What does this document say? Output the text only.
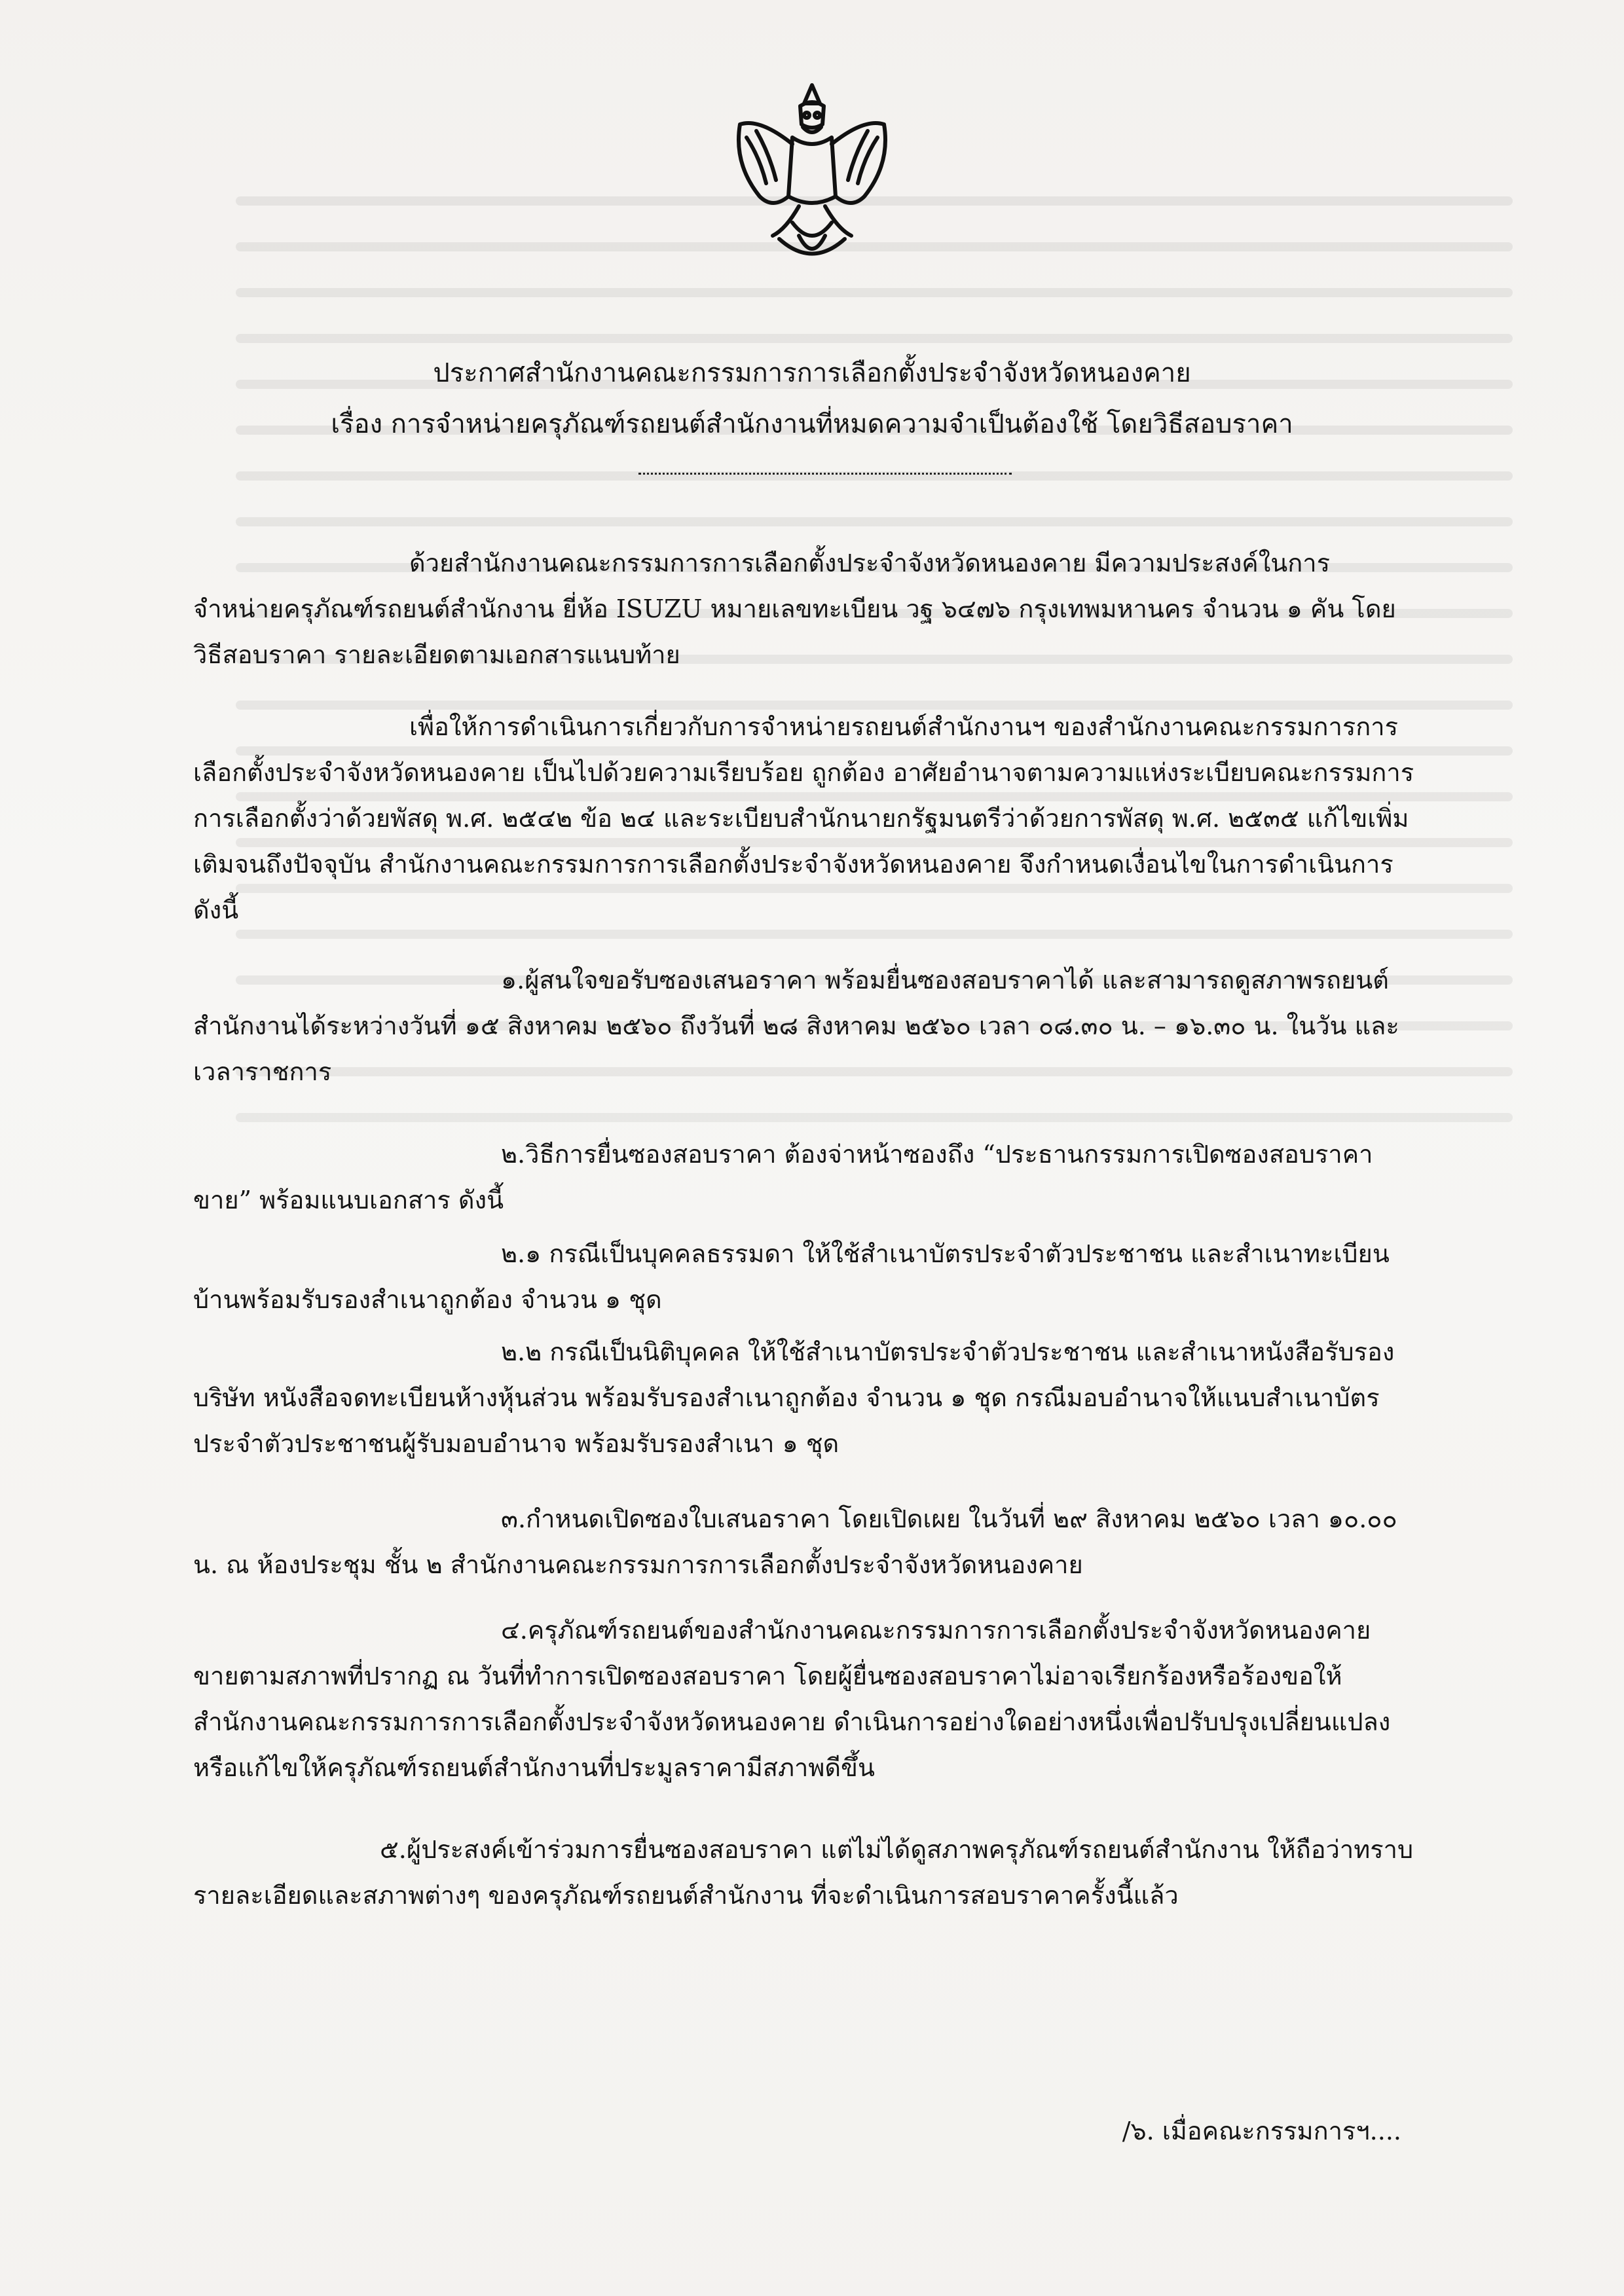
ประกาศสำนักงานคณะกรรมการการเลือกตั้งประจำจังหวัดหนองคาย
เรื่อง การจำหน่ายครุภัณฑ์รถยนต์สำนักงานที่หมดความจำเป็นต้องใช้ โดยวิธีสอบราคา

ด้วยสำนักงานคณะกรรมการการเลือกตั้งประจำจังหวัดหนองคาย มีความประสงค์ในการจำหน่ายครุภัณฑ์รถยนต์สำนักงาน ยี่ห้อ ISUZU หมายเลขทะเบียน วฐ ๖๔๗๖ กรุงเทพมหานคร จำนวน ๑ คัน โดยวิธีสอบราคา รายละเอียดตามเอกสารแนบท้าย

เพื่อให้การดำเนินการเกี่ยวกับการจำหน่ายรถยนต์สำนักงานฯ ของสำนักงานคณะกรรมการการเลือกตั้งประจำจังหวัดหนองคาย เป็นไปด้วยความเรียบร้อย ถูกต้อง อาศัยอำนาจตามความแห่งระเบียบคณะกรรมการการเลือกตั้งว่าด้วยพัสดุ พ.ศ. ๒๕๔๒ ข้อ ๒๔ และระเบียบสำนักนายกรัฐมนตรีว่าด้วยการพัสดุ พ.ศ. ๒๕๓๕ แก้ไขเพิ่มเติมจนถึงปัจจุบัน สำนักงานคณะกรรมการการเลือกตั้งประจำจังหวัดหนองคาย จึงกำหนดเงื่อนไขในการดำเนินการ ดังนี้

๑.ผู้สนใจขอรับซองเสนอราคา พร้อมยื่นซองสอบราคาได้ และสามารถดูสภาพรถยนต์สำนักงานได้ระหว่างวันที่ ๑๕ สิงหาคม ๒๕๖๐ ถึงวันที่ ๒๘ สิงหาคม ๒๕๖๐ เวลา ๐๘.๓๐ น. – ๑๖.๓๐ น. ในวัน และเวลาราชการ

๒.วิธีการยื่นซองสอบราคา ต้องจ่าหน้าซองถึง “ประธานกรรมการเปิดซองสอบราคาขาย” พร้อมแนบเอกสาร ดังนี้

๒.๑ กรณีเป็นบุคคลธรรมดา ให้ใช้สำเนาบัตรประจำตัวประชาชน และสำเนาทะเบียนบ้านพร้อมรับรองสำเนาถูกต้อง จำนวน ๑ ชุด

๒.๒ กรณีเป็นนิติบุคคล ให้ใช้สำเนาบัตรประจำตัวประชาชน และสำเนาหนังสือรับรองบริษัท หนังสือจดทะเบียนห้างหุ้นส่วน พร้อมรับรองสำเนาถูกต้อง จำนวน ๑ ชุด กรณีมอบอำนาจให้แนบสำเนาบัตรประจำตัวประชาชนผู้รับมอบอำนาจ พร้อมรับรองสำเนา ๑ ชุด

๓.กำหนดเปิดซองใบเสนอราคา โดยเปิดเผย ในวันที่ ๒๙ สิงหาคม ๒๕๖๐ เวลา ๑๐.๐๐ น. ณ ห้องประชุม ชั้น ๒ สำนักงานคณะกรรมการการเลือกตั้งประจำจังหวัดหนองคาย

๔.ครุภัณฑ์รถยนต์ของสำนักงานคณะกรรมการการเลือกตั้งประจำจังหวัดหนองคาย ขายตามสภาพที่ปรากฏ ณ วันที่ทำการเปิดซองสอบราคา โดยผู้ยื่นซองสอบราคาไม่อาจเรียกร้องหรือร้องขอให้สำนักงานคณะกรรมการการเลือกตั้งประจำจังหวัดหนองคาย ดำเนินการอย่างใดอย่างหนึ่งเพื่อปรับปรุงเปลี่ยนแปลงหรือแก้ไขให้ครุภัณฑ์รถยนต์สำนักงานที่ประมูลราคามีสภาพดีขึ้น

๕.ผู้ประสงค์เข้าร่วมการยื่นซองสอบราคา แต่ไม่ได้ดูสภาพครุภัณฑ์รถยนต์สำนักงาน ให้ถือว่าทราบรายละเอียดและสภาพต่างๆ ของครุภัณฑ์รถยนต์สำนักงาน ที่จะดำเนินการสอบราคาครั้งนี้แล้ว

/๖. เมื่อคณะกรรมการฯ....
